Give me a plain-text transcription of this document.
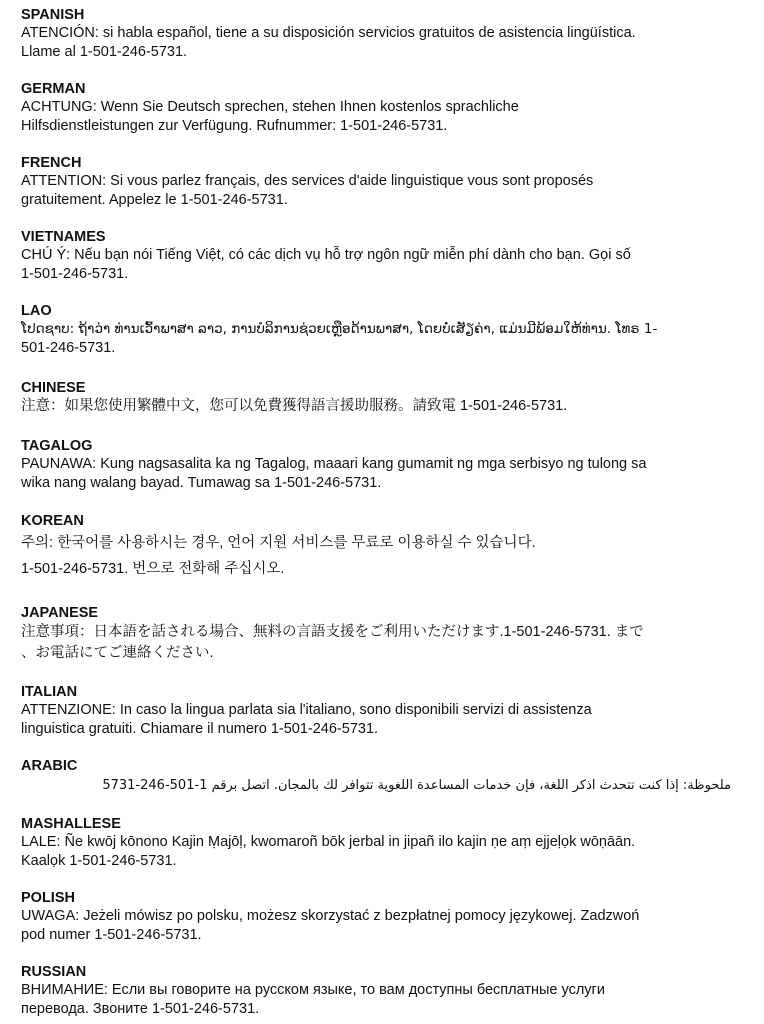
SPANISH
ATENCIÓN: si habla español, tiene a su disposición servicios gratuitos de asistencia lingüística.
Llame al 1-501-246-5731.
GERMAN
ACHTUNG: Wenn Sie Deutsch sprechen, stehen Ihnen kostenlos sprachliche
Hilfsdienstleistungen zur Verfügung. Rufnummer: 1-501-246-5731.
FRENCH
ATTENTION: Si vous parlez français, des services d'aide linguistique vous sont proposés
gratuitement. Appelez le 1-501-246-5731.
VIETNAMES
CHÚ Ý: Nếu bạn nói Tiếng Việt, có các dịch vụ hỗ trợ ngôn ngữ miễn phí dành cho bạn. Gọi số
1-501-246-5731.
LAO
ໂປດຊາບ: ຖ້າວ່າ ທ່ານເວົ້າພາສາ ລາວ, ການບໍລິການຊ່ວຍເຫຼືອດ້ານພາສາ, ໂດຍບໍ່ເສັຽຄ່າ, ແມ່ນມີພ້ອມໃຫ້ທ່ານ. ໂທຣ 1-
501-246-5731.
CHINESE
注意：如果您使用繁體中文，您可以免費獲得語言援助服務。請致電 1-501-246-5731.
TAGALOG
PAUNAWA: Kung nagsasalita ka ng Tagalog, maaari kang gumamit ng mga serbisyo ng tulong sa
wika nang walang bayad. Tumawag sa 1-501-246-5731.
KOREAN
주의: 한국어를 사용하시는 경우, 언어 지원 서비스를 무료로 이용하실 수 있습니다.
1-501-246-5731. 번으로 전화해 주십시오.
JAPANESE
注意事項：日本語を話される場合、無料の言語支援をご利用いただけます.1-501-246-5731. まで
、お電話にてご連絡ください.
ITALIAN
ATTENZIONE: In caso la lingua parlata sia l'italiano, sono disponibili servizi di assistenza
linguistica gratuiti. Chiamare il numero 1-501-246-5731.
ARABIC
ملحوظة: إذا كنت تتحدث اذكر اللغة، فإن خدمات المساعدة اللغوية تتوافر لك بالمجان. اتصل برقم 1-501-246-5731
MASHALLESE
LALE: Ñe kwōj kōnono Kajin Ṃajōḷ, kwomaroñ bōk jerbal in jipañ ilo kajin ṇe aṃ ejjeḷọk wōṇāān.
Kaalọk 1-501-246-5731.
POLISH
UWAGA: Jeżeli mówisz po polsku, możesz skorzystać z bezpłatnej pomocy językowej. Zadzwoń
pod numer 1-501-246-5731.
RUSSIAN
ВНИМАНИЕ: Если вы говорите на русском языке, то вам доступны бесплатные услуги
перевода. Звоните 1-501-246-5731.
